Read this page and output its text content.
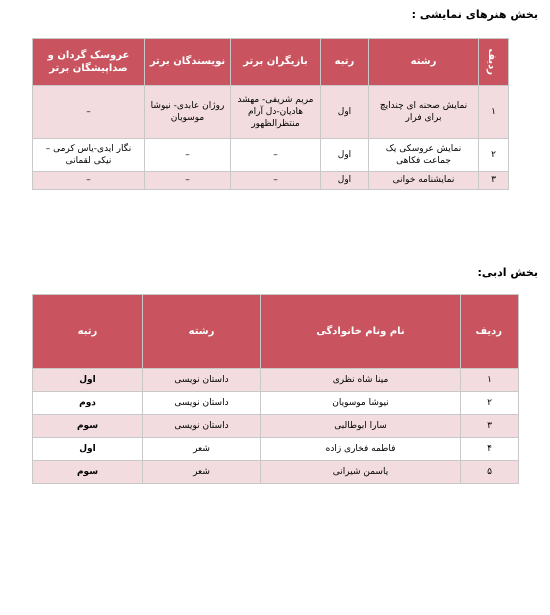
بخش هنرهای نمایشی :
ردیف	رشته	رتبه	بازیگران برتر	نویسندگان برتر	عروسک گردان و صداپیشگان برتر
۱	نمایش صحنه ای چندایچ برای فرار	اول	مریم شریفی- مهشد هادیان-دل آرام منتظرالظهور	روژان عابدی- نیوشا موسویان	–
۲	نمایش عروسکی یک جماعت فکاهی	اول	–	–	نگار ایدی-یاس کرمی – نیکی لقمانی
۳	نمایشنامه خوانی	اول	–	–	–
بخش ادبی:
ردیف	نام ونام خانوادگی	رشته	رتبه
۱	مینا شاه نظری	داستان نویسی	اول
۲	نیوشا موسویان	داستان نویسی	دوم
۳	سارا ابوطالبی	داستان نویسی	سوم
۴	فاطمه فخاری زاده	شعر	اول
۵	یاسمن شیرانی	شعر	سوم
